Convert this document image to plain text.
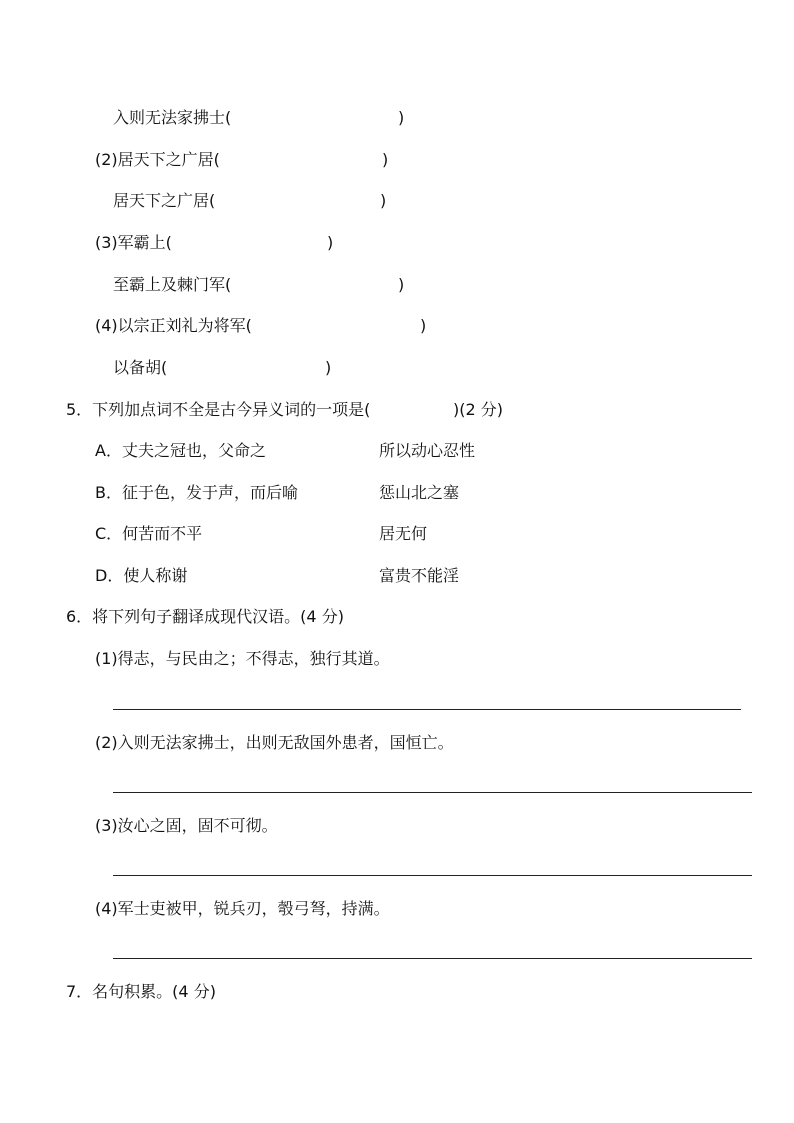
入则无法家拂士(

	)

(2)居天下之广居(

	)

居天下之广居(

	)

(3)军霸上(

	)

至霸上及棘门军(

	)

(4)以宗正刘礼为将军(

	)

以备胡(

	)

5．下列加点词不全是古今异义词的一项是(

	)(2 分)

A．丈夫之冠也，父命之

	所以动心忍性

B．征于色，发于声，而后喻

	惩山北之塞

C．何苦而不平

	居无何

D．使人称谢

	富贵不能淫

6．将下列句子翻译成现代汉语。(4 分)
(1)得志，与民由之；不得志，独行其道。
(2)入则无法家拂士，出则无敌国外患者，国恒亡。
(3)汝心之固，固不可彻。
(4)军士吏被甲，锐兵刃，彀弓弩，持满。
7．名句积累。(4 分)
